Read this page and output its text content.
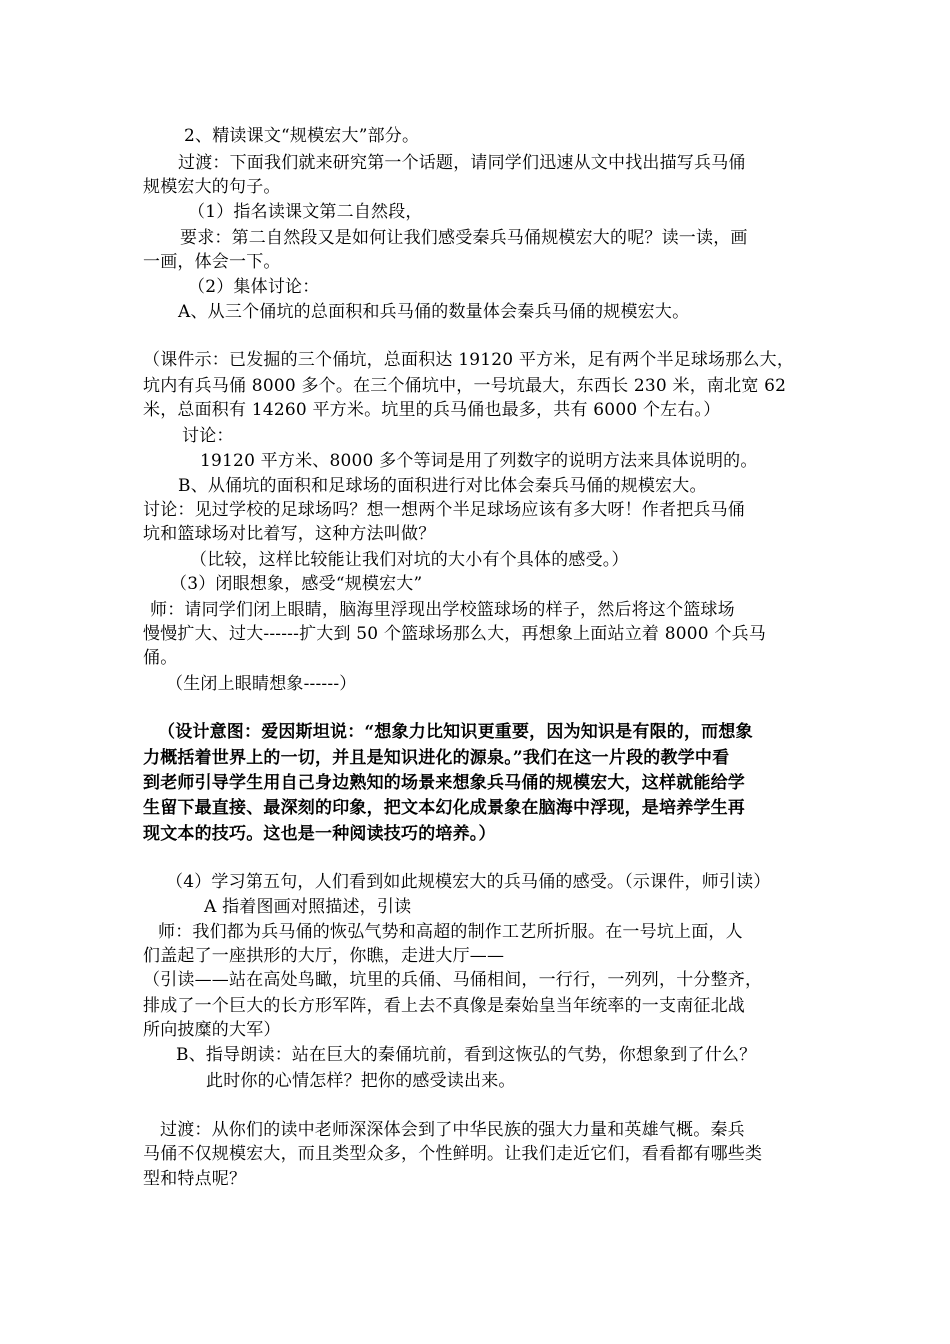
2、精读课文“规模宏大”部分。
过渡：下面我们就来研究第一个话题，请同学们迅速从文中找出描写兵马俑
规模宏大的句子。
（1）指名读课文第二自然段，
要求：第二自然段又是如何让我们感受秦兵马俑规模宏大的呢？读一读，画
一画，体会一下。
（2）集体讨论：
A、从三个俑坑的总面积和兵马俑的数量体会秦兵马俑的规模宏大。
（课件示：已发掘的三个俑坑，总面积达 19120 平方米，足有两个半足球场那么大，
坑内有兵马俑 8000 多个。在三个俑坑中，一号坑最大，东西长 230 米，南北宽 62
米，总面积有 14260 平方米。坑里的兵马俑也最多，共有 6000 个左右。）
讨论：
19120 平方米、8000 多个等词是用了列数字的说明方法来具体说明的。
B、从俑坑的面积和足球场的面积进行对比体会秦兵马俑的规模宏大。
讨论：见过学校的足球场吗？想一想两个半足球场应该有多大呀！作者把兵马俑
坑和篮球场对比着写，这种方法叫做？
（比较，这样比较能让我们对坑的大小有个具体的感受。）
（3）闭眼想象，感受“规模宏大”
师：请同学们闭上眼睛，脑海里浮现出学校篮球场的样子，然后将这个篮球场
慢慢扩大、过大------扩大到 50 个篮球场那么大，再想象上面站立着 8000 个兵马
俑。
（生闭上眼睛想象------）
（设计意图：爱因斯坦说：“想象力比知识更重要，因为知识是有限的，而想象
力概括着世界上的一切，并且是知识进化的源泉。”我们在这一片段的教学中看
到老师引导学生用自己身边熟知的场景来想象兵马俑的规模宏大，这样就能给学
生留下最直接、最深刻的印象，把文本幻化成景象在脑海中浮现，是培养学生再
现文本的技巧。这也是一种阅读技巧的培养。）
（4）学习第五句，人们看到如此规模宏大的兵马俑的感受。（示课件，师引读）
A 指着图画对照描述，引读
师：我们都为兵马俑的恢弘气势和高超的制作工艺所折服。在一号坑上面，人
们盖起了一座拱形的大厅，你瞧，走进大厅——
（引读——站在高处鸟瞰，坑里的兵俑、马俑相间，一行行，一列列，十分整齐，
排成了一个巨大的长方形军阵，看上去不真像是秦始皇当年统率的一支南征北战
所向披糜的大军）
B、指导朗读：站在巨大的秦俑坑前，看到这恢弘的气势，你想象到了什么？
此时你的心情怎样？把你的感受读出来。
过渡：从你们的读中老师深深体会到了中华民族的强大力量和英雄气概。秦兵
马俑不仅规模宏大，而且类型众多，个性鲜明。让我们走近它们，看看都有哪些类
型和特点呢？
